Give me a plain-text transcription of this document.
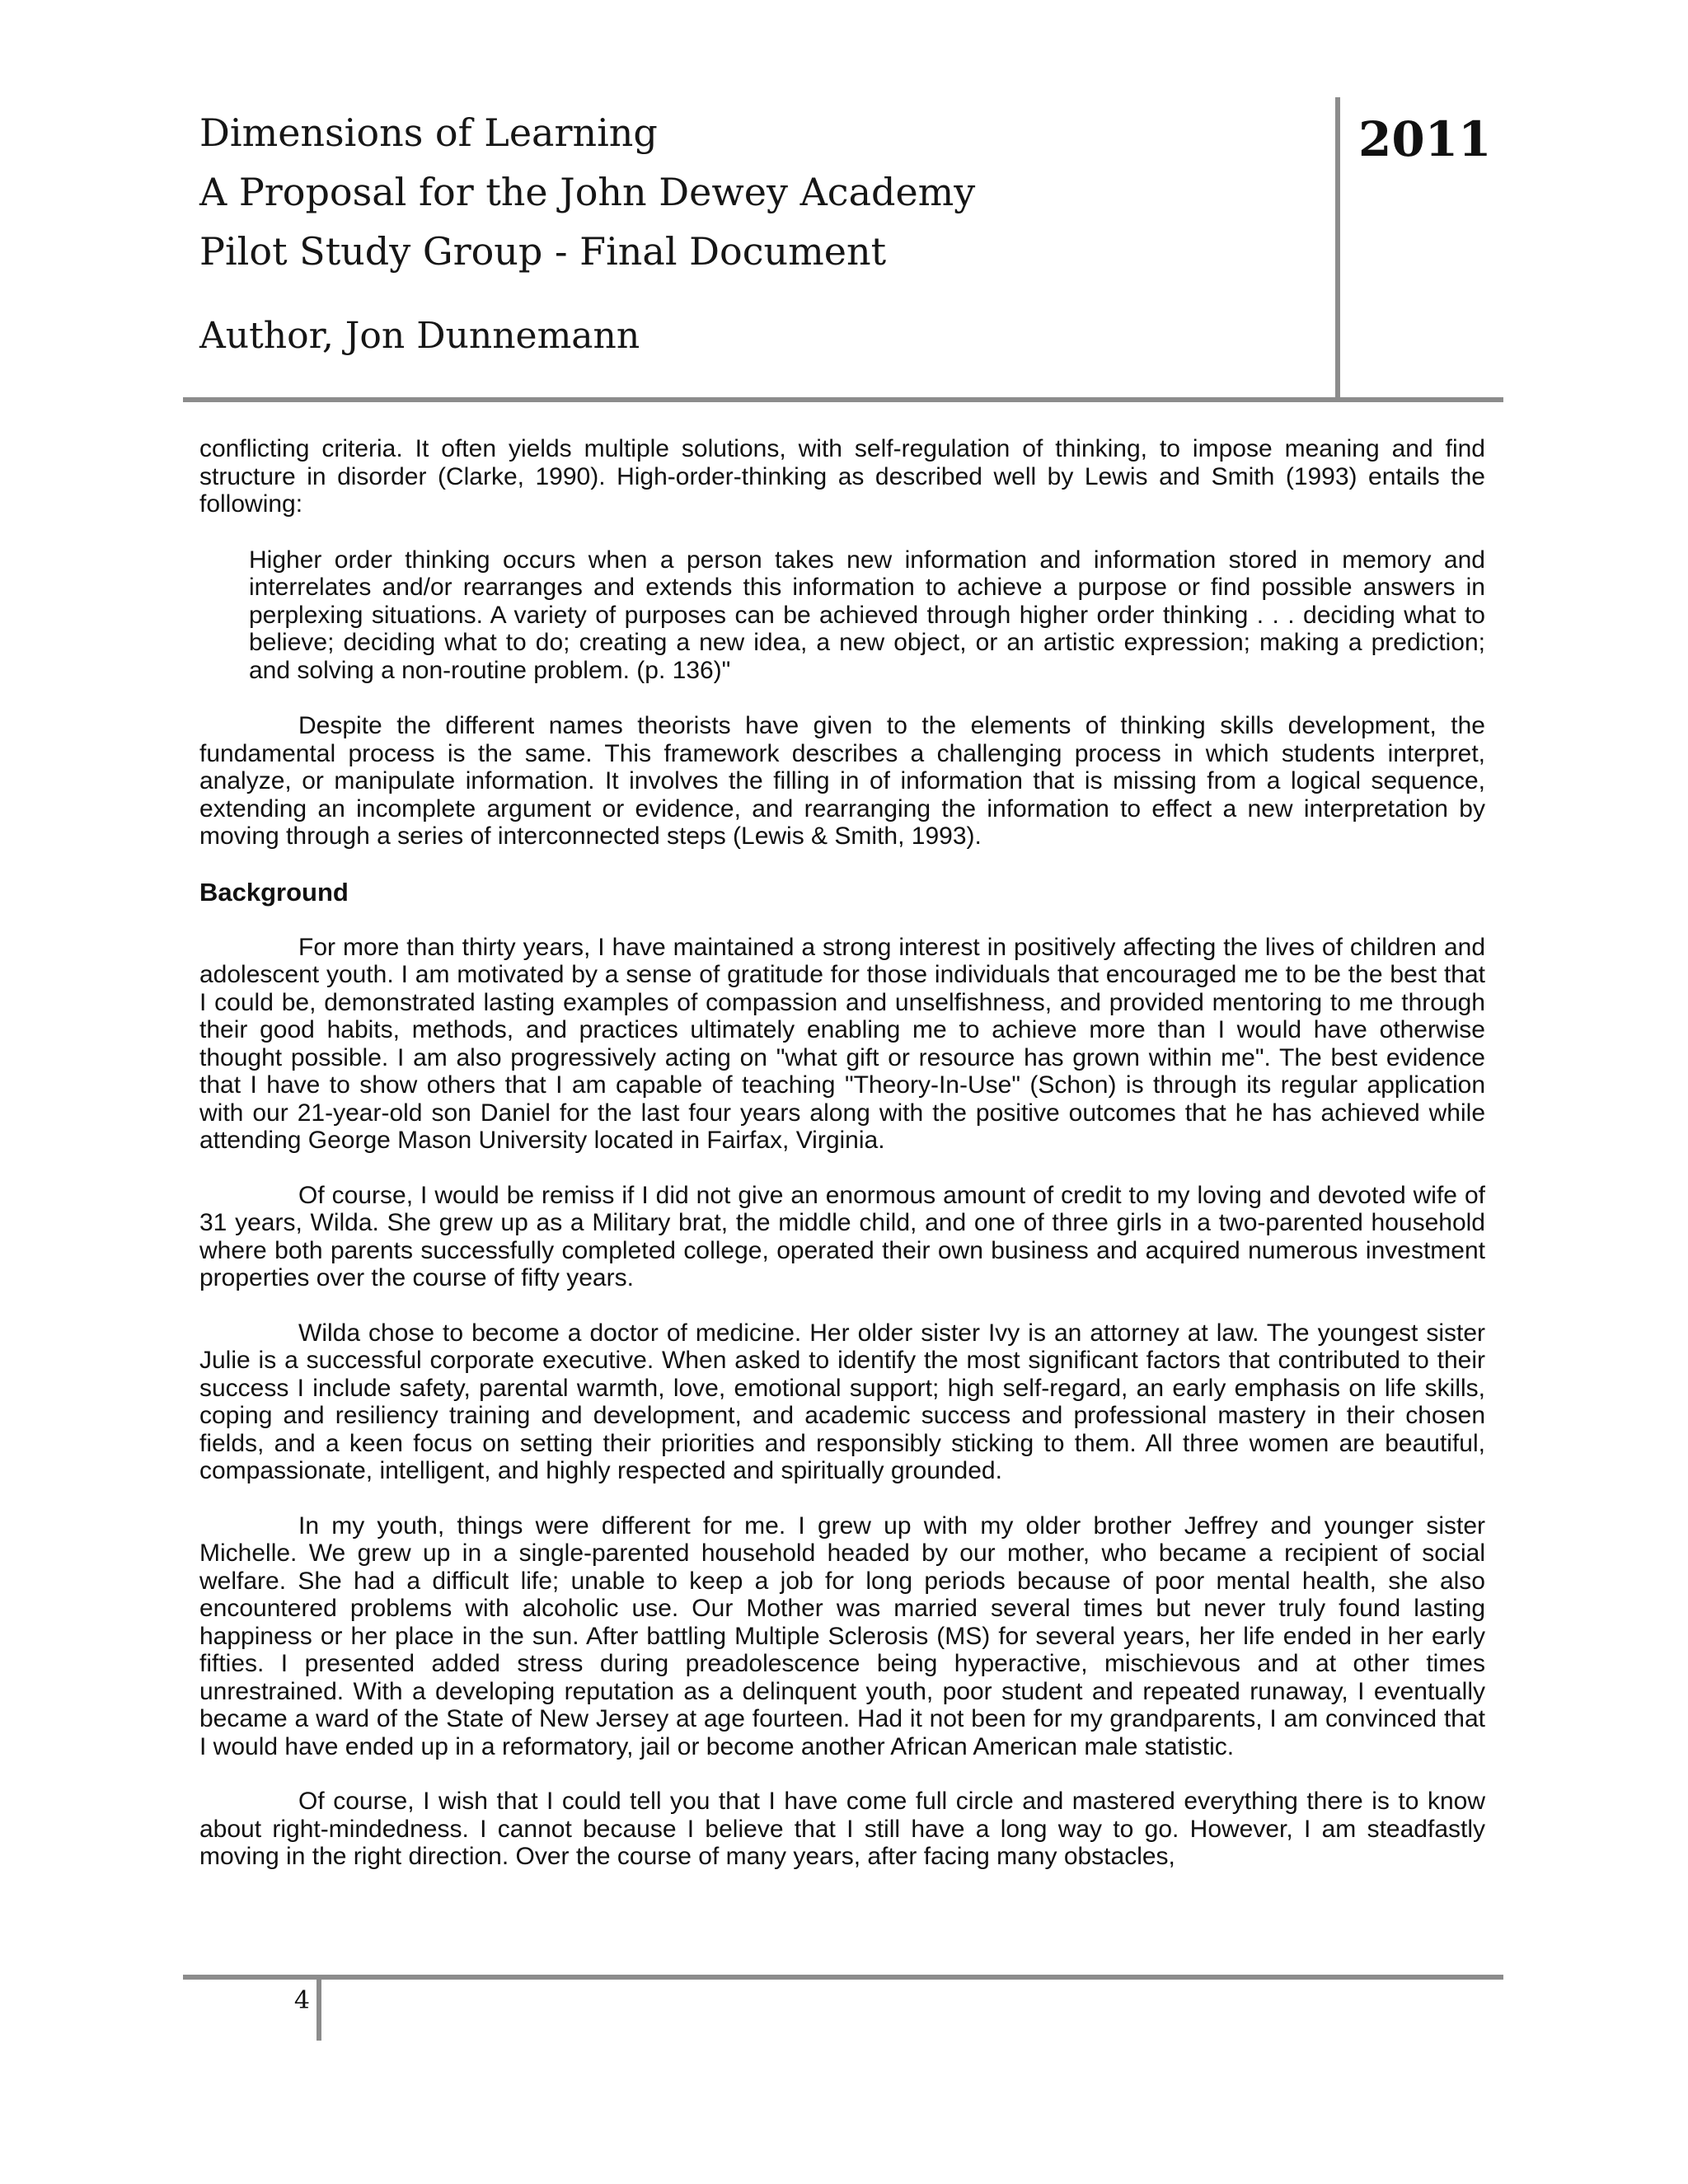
Dimensions of Learning
A Proposal for the John Dewey Academy
Pilot Study Group - Final Document
Author, Jon Dunnemann
2011

conflicting criteria. It often yields multiple solutions, with self-regulation of thinking, to impose meaning and find structure in disorder (Clarke, 1990). High-order-thinking as described well by Lewis and Smith (1993) entails the following:

Higher order thinking occurs when a person takes new information and information stored in memory and interrelates and/or rearranges and extends this information to achieve a purpose or find possible answers in perplexing situations. A variety of purposes can be achieved through higher order thinking . . . deciding what to believe; deciding what to do; creating a new idea, a new object, or an artistic expression; making a prediction; and solving a non-routine problem. (p. 136)"

Despite the different names theorists have given to the elements of thinking skills development, the fundamental process is the same. This framework describes a challenging process in which students interpret, analyze, or manipulate information. It involves the filling in of information that is missing from a logical sequence, extending an incomplete argument or evidence, and rearranging the information to effect a new interpretation by moving through a series of interconnected steps (Lewis & Smith, 1993).

Background

For more than thirty years, I have maintained a strong interest in positively affecting the lives of children and adolescent youth. I am motivated by a sense of gratitude for those individuals that encouraged me to be the best that I could be, demonstrated lasting examples of compassion and unselfishness, and provided mentoring to me through their good habits, methods, and practices ultimately enabling me to achieve more than I would have otherwise thought possible. I am also progressively acting on "what gift or resource has grown within me". The best evidence that I have to show others that I am capable of teaching "Theory-In-Use" (Schon) is through its regular application with our 21-year-old son Daniel for the last four years along with the positive outcomes that he has achieved while attending George Mason University located in Fairfax, Virginia.

Of course, I would be remiss if I did not give an enormous amount of credit to my loving and devoted wife of 31 years, Wilda. She grew up as a Military brat, the middle child, and one of three girls in a two-parented household where both parents successfully completed college, operated their own business and acquired numerous investment properties over the course of fifty years.

Wilda chose to become a doctor of medicine. Her older sister Ivy is an attorney at law. The youngest sister Julie is a successful corporate executive. When asked to identify the most significant factors that contributed to their success I include safety, parental warmth, love, emotional support; high self-regard, an early emphasis on life skills, coping and resiliency training and development, and academic success and professional mastery in their chosen fields, and a keen focus on setting their priorities and responsibly sticking to them. All three women are beautiful, compassionate, intelligent, and highly respected and spiritually grounded.

In my youth, things were different for me. I grew up with my older brother Jeffrey and younger sister Michelle. We grew up in a single-parented household headed by our mother, who became a recipient of social welfare. She had a difficult life; unable to keep a job for long periods because of poor mental health, she also encountered problems with alcoholic use. Our Mother was married several times but never truly found lasting happiness or her place in the sun. After battling Multiple Sclerosis (MS) for several years, her life ended in her early fifties. I presented added stress during preadolescence being hyperactive, mischievous and at other times unrestrained. With a developing reputation as a delinquent youth, poor student and repeated runaway, I eventually became a ward of the State of New Jersey at age fourteen. Had it not been for my grandparents, I am convinced that I would have ended up in a reformatory, jail or become another African American male statistic.

Of course, I wish that I could tell you that I have come full circle and mastered everything there is to know about right-mindedness. I cannot because I believe that I still have a long way to go. However, I am steadfastly moving in the right direction. Over the course of many years, after facing many obstacles,

4
